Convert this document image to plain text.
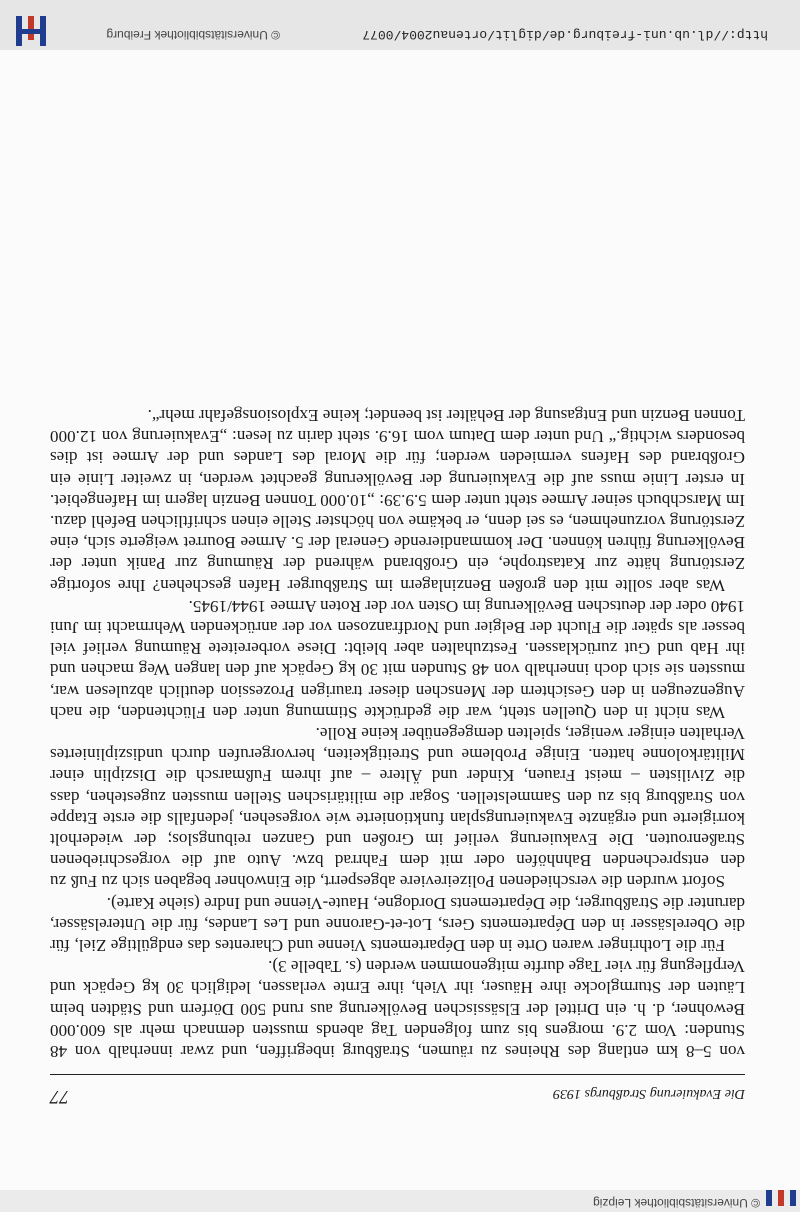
© Universitätsbibliothek Leipzig
Die Evakuierung Straßburgs 1939
77

von 5–8 km entlang des Rheines zu räumen, Straßburg inbegriffen, und zwar innerhalb von 48 Stunden: Vom 2.9. morgens bis zum folgenden Tag abends mussten demnach mehr als 600.000 Bewohner, d. h. ein Drittel der Elsässischen Bevölkerung aus rund 500 Dörfern und Städten beim Läuten der Sturmglocke ihre Häuser, ihr Vieh, ihre Ernte verlassen, lediglich 30 kg Gepäck und Verpflegung für vier Tage durfte mitgenommen werden (s. Tabelle 3).

Für die Lothringer waren Orte in den Départements Vienne und Charentes das endgültige Ziel, für die Oberelsässer in den Départements Gers, Lot-et-Garonne und Les Landes, für die Unterelsässer, darunter die Straßburger, die Départements Dordogne, Haute-Vienne und Indre (siehe Karte).

Sofort wurden die verschiedenen Polizeireviere abgesperrt, die Einwohner begaben sich zu Fuß zu den entsprechenden Bahnhöfen oder mit dem Fahrrad bzw. Auto auf die vorgeschriebenen Straßenrouten. Die Evakuierung verlief im Großen und Ganzen reibungslos; der wiederholt korrigierte und ergänzte Evakuierungsplan funktionierte wie vorgesehen, jedenfalls die erste Etappe von Straßburg bis zu den Sammelstellen. Sogar die militärischen Stellen mussten zugestehen, dass die Zivilisten – meist Frauen, Kinder und Ältere – auf ihrem Fußmarsch die Disziplin einer Militärkolonne hatten. Einige Probleme und Streitigkeiten, hervorgerufen durch undiszipliniertes Verhalten einiger weniger, spielten demgegenüber keine Rolle.

Was nicht in den Quellen steht, war die gedrückte Stimmung unter den Flüchtenden, die nach Augenzeugen in den Gesichtern der Menschen dieser traurigen Prozession deutlich abzulesen war, mussten sie sich doch innerhalb von 48 Stunden mit 30 kg Gepäck auf den langen Weg machen und ihr Hab und Gut zurücklassen. Festzuhalten aber bleibt: Diese vorbereitete Räumung verlief viel besser als später die Flucht der Belgier und Nordfranzosen vor der anrückenden Wehrmacht im Juni 1940 oder der deutschen Bevölkerung im Osten vor der Roten Armee 1944/1945.

Was aber sollte mit den großen Benzinlagern im Straßburger Hafen geschehen? Ihre sofortige Zerstörung hätte zur Katastrophe, ein Großbrand während der Räumung zur Panik unter der Bevölkerung führen können. Der kommandierende General der 5. Armee Bourret weigerte sich, eine Zerstörung vorzunehmen, es sei denn, er bekäme von höchster Stelle einen schriftlichen Befehl dazu. Im Marschbuch seiner Armee steht unter dem 5.9.39: „10.000 Tonnen Benzin lagern im Hafengebiet. In erster Linie muss auf die Evakuierung der Bevölkerung geachtet werden, in zweiter Linie ein Großbrand des Hafens vermieden werden; für die Moral des Landes und der Armee ist dies besonders wichtig.“ Und unter dem Datum vom 16.9. steht darin zu lesen: „Evakuierung von 12.000 Tonnen Benzin und Entgasung der Behälter ist beendet; keine Explosionsgefahr mehr“.

http://dl.ub.uni-freiburg.de/diglit/ortenau2004/0077
© Universitätsbibliothek Freiburg
